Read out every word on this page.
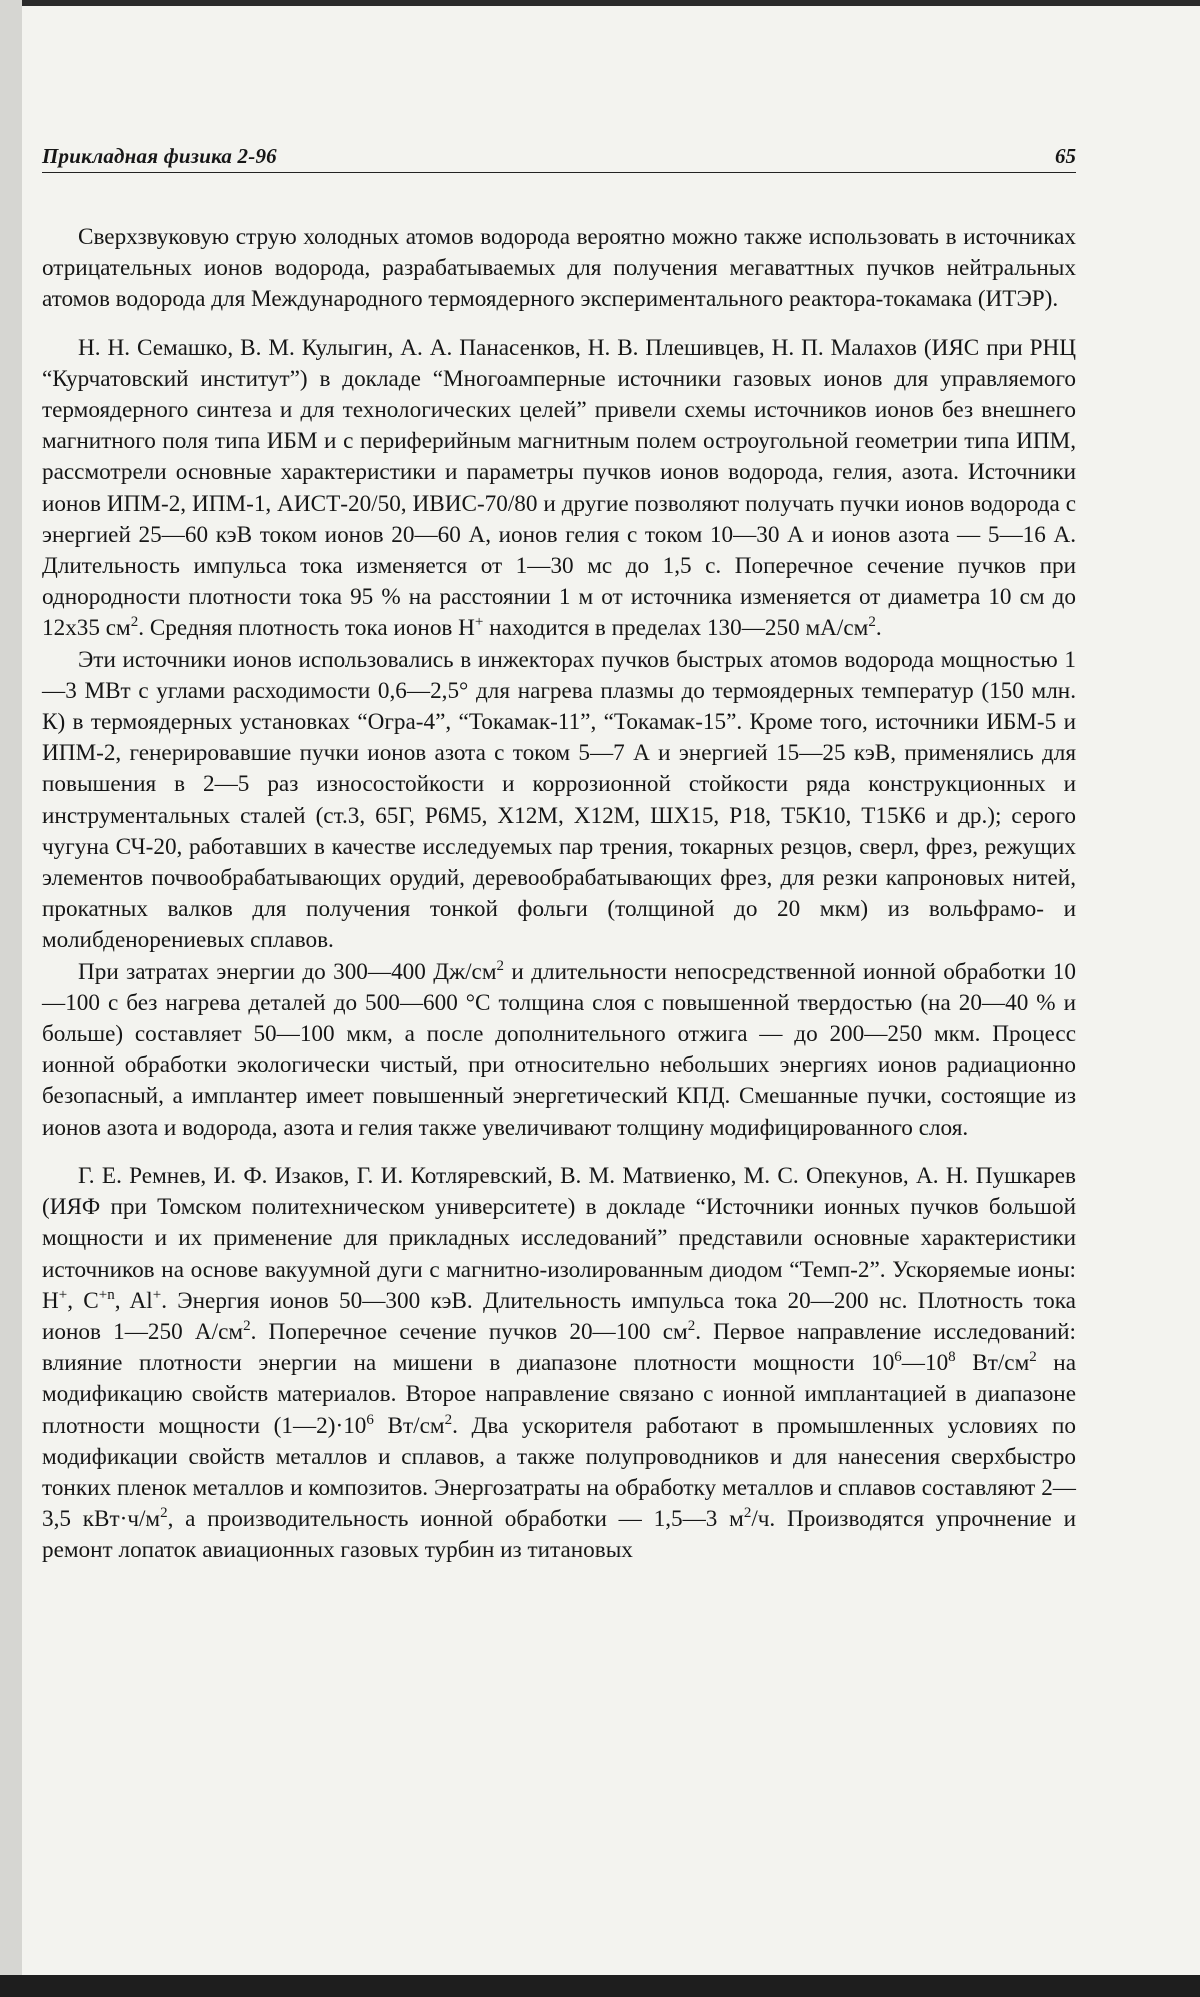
Прикладная физика 2-96	65

Сверхзвуковую струю холодных атомов водорода вероятно можно также использовать в источниках отрицательных ионов водорода, разрабатываемых для получения мегаваттных пучков нейтральных атомов водорода для Международного термоядерного экспериментального реактора-токамака (ИТЭР).

Н. Н. Семашко, В. М. Кулыгин, А. А. Панасенков, Н. В. Плешивцев, Н. П. Малахов (ИЯС при РНЦ “Курчатовский институт”) в докладе “Многоамперные источники газовых ионов для управляемого термоядерного синтеза и для технологических целей” привели схемы источников ионов без внешнего магнитного поля типа ИБМ и с периферийным магнитным полем остроугольной геометрии типа ИПМ, рассмотрели основные характеристики и параметры пучков ионов водорода, гелия, азота. Источники ионов ИПМ-2, ИПМ-1, АИСТ-20/50, ИВИС-70/80 и другие позволяют получать пучки ионов водорода с энергией 25—60 кэВ током ионов 20—60 А, ионов гелия с током 10—30 А и ионов азота — 5—16 А. Длительность импульса тока изменяется от 1—30 мс до 1,5 с. Поперечное сечение пучков при однородности плотности тока 95 % на расстоянии 1 м от источника изменяется от диаметра 10 см до 12x35 $см^2$. Средняя плотность тока ионов H+ находится в пределах 130—250 $мА/см^2$.

Эти источники ионов использовались в инжекторах пучков быстрых атомов водорода мощностью 1—3 МВт с углами расходимости 0,6—2,5° для нагрева плазмы до термоядерных температур (150 млн. К) в термоядерных установках “Огра-4”, “Токамак-11”, “Токамак-15”. Кроме того, источники ИБМ-5 и ИПМ-2, генерировавшие пучки ионов азота с током 5—7 А и энергией 15—25 кэВ, применялись для повышения в 2—5 раз износостойкости и коррозионной стойкости ряда конструкционных и инструментальных сталей (ст.3, 65Г, Р6М5, Х12М, Х12М, ШХ15, Р18, Т5К10, Т15К6 и др.); серого чугуна СЧ-20, работавших в качестве исследуемых пар трения, токарных резцов, сверл, фрез, режущих элементов почвообрабатывающих орудий, деревообрабатывающих фрез, для резки капроновых нитей, прокатных валков для получения тонкой фольги (толщиной до 20 мкм) из вольфрамо- и молибденорениевых сплавов.

При затратах энергии до 300—400 $Дж/см^2$ и длительности непосредственной ионной обработки 10—100 с без нагрева деталей до 500—600 °С толщина слоя с повышенной твердостью (на 20—40 % и больше) составляет 50—100 мкм, а после дополнительного отжига — до 200—250 мкм. Процесс ионной обработки экологически чистый, при относительно небольших энергиях ионов радиационно безопасный, а имплантер имеет повышенный энергетический КПД. Смешанные пучки, состоящие из ионов азота и водорода, азота и гелия также увеличивают толщину модифицированного слоя.

Г. Е. Ремнев, И. Ф. Изаков, Г. И. Котляревский, В. М. Матвиенко, М. С. Опекунов, А. Н. Пушкарев (ИЯФ при Томском политехническом университете) в докладе “Источники ионных пучков большой мощности и их применение для прикладных исследований” представили основные характеристики источников на основе вакуумной дуги с магнитно-изолированным диодом “Темп-2”. Ускоряемые ионы: H+, $C^{+n}$, Al+. Энергия ионов 50—300 кэВ. Длительность импульса тока 20—200 нс. Плотность тока ионов 1—250 $А/см^2$. Поперечное сечение пучков 20—100 $см^2$. Первое направление исследований: влияние плотности энергии на мишени в диапазоне плотности мощности $10^6—10^8$ $Вт/см^2$ на модификацию свойств материалов. Второе направление связано с ионной имплантацией в диапазоне плотности мощности $(1—2)\cdot 10^6$ $Вт/см^2$. Два ускорителя работают в промышленных условиях по модификации свойств металлов и сплавов, а также полупроводников и для нанесения сверхбыстро тонких пленок металлов и композитов. Энергозатраты на обработку металлов и сплавов составляют 2—3,5 $кВт\cdot ч/м^2$, а производительность ионной обработки — 1,5—3 $м^2/ч$. Производятся упрочнение и ремонт лопаток авиационных газовых турбин из титановых
